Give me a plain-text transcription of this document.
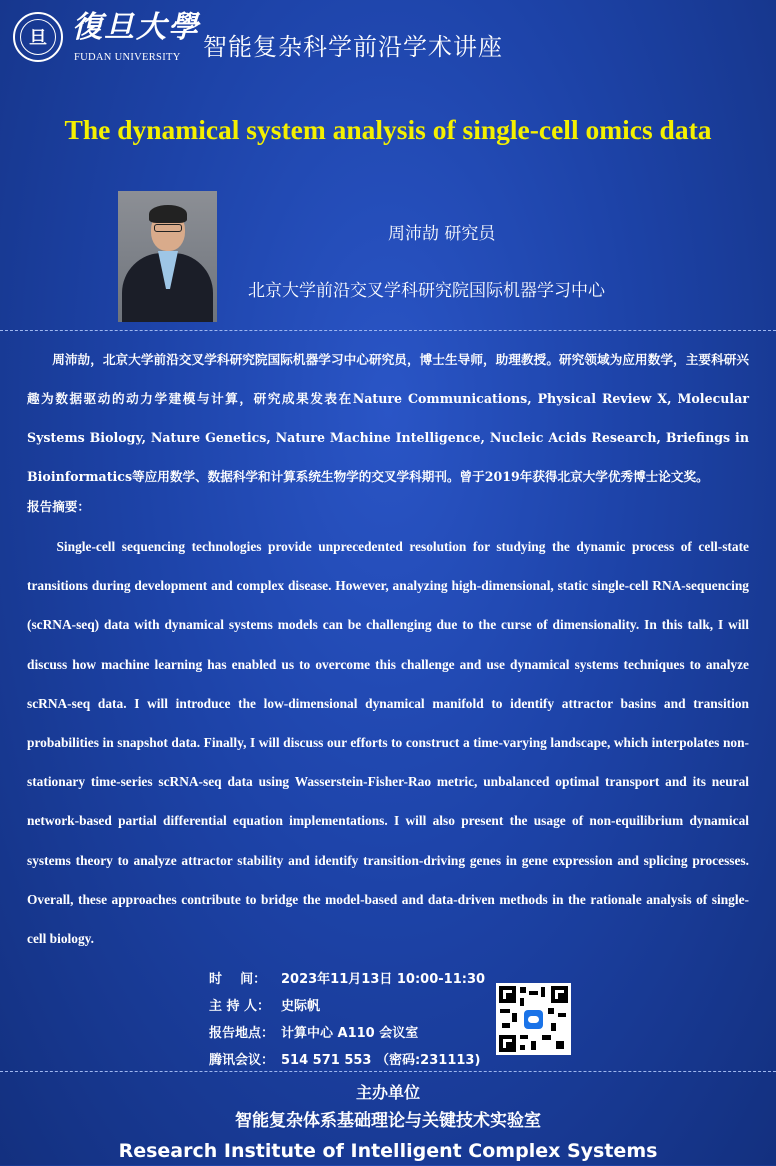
旦 復旦大學
FUDAN UNIVERSITY 智能复杂科学前沿学术讲座
The dynamical system analysis of single-cell omics data
周沛劼 研究员
北京大学前沿交叉学科研究院国际机器学习中心

周沛劼，北京大学前沿交叉学科研究院国际机器学习中心研究员，博士生导师，助理教授。研究领域为应用数学，主要科研兴趣为数据驱动的动力学建模与计算，研究成果发表在Nature Communications, Physical Review X, Molecular Systems Biology, Nature Genetics, Nature Machine Intelligence, Nucleic Acids Research, Briefings in Bioinformatics等应用数学、数据科学和计算系统生物学的交叉学科期刊。曾于2019年获得北京大学优秀博士论文奖。

报告摘要：

Single-cell sequencing technologies provide unprecedented resolution for studying the dynamic process of cell-state transitions during development and complex disease. However, analyzing high-dimensional, static single-cell RNA-sequencing (scRNA-seq) data with dynamical systems models can be challenging due to the curse of dimensionality. In this talk, I will discuss how machine learning has enabled us to overcome this challenge and use dynamical systems techniques to analyze scRNA-seq data. I will introduce the low-dimensional dynamical manifold to identify attractor basins and transition probabilities in snapshot data. Finally, I will discuss our efforts to construct a time-varying landscape, which interpolates non-stationary time-series scRNA-seq data using Wasserstein-Fisher-Rao metric, unbalanced optimal transport and its neural network-based partial differential equation implementations. I will also present the usage of non-equilibrium dynamical systems theory to analyze attractor stability and identify transition-driving genes in gene expression and splicing processes. Overall, these approaches contribute to bridge the model-based and data-driven methods in the rationale analysis of single-cell biology.

时    间：	2023年11月13日 10:00-11:30
主 持 人： 史际帆
报告地点： 计算中心 A110 会议室
腾讯会议： 514 571 553 （密码:231113)
主办单位
智能复杂体系基础理论与关键技术实验室
Research Institute of Intelligent Complex Systems
